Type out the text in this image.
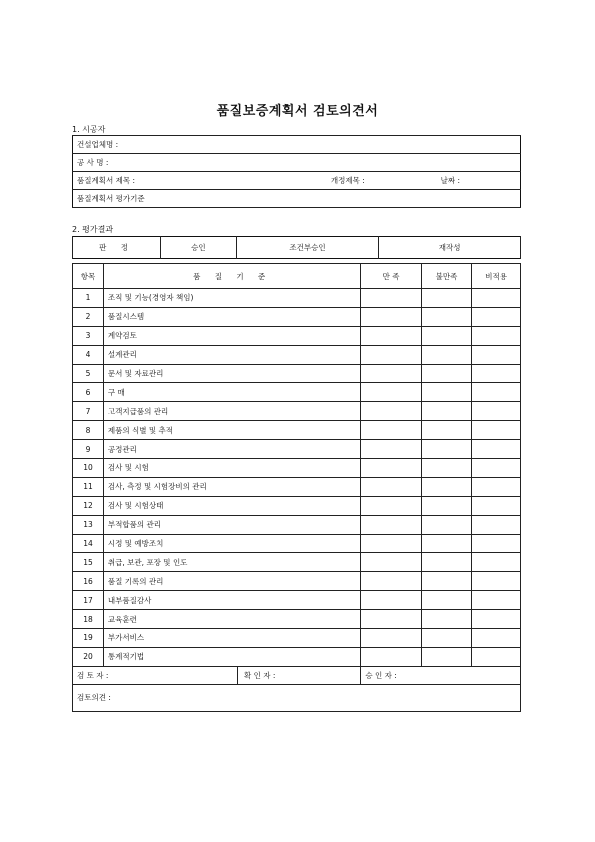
품질보증계획서 검토의견서
1. 시공자
건설업체명 :
공 사 명 :

품질계획서 제목 :	개정제목 :	날짜 :

품질계획서 평가기준
2. 평가결과
판 정	승인	조건부승인	재작성
항목	품 질 기 준	만 족	불만족	비적용
1	조직 및 기능(경영자 책임)			
2	품질시스템			
3	계약검토			
4	설계관리			
5	문서 및 자료관리			
6	구 매			
7	고객지급품의 관리			
8	제품의 식별 및 추적			
9	공정관리			
10	검사 및 시험			
11	검사, 측정 및 시험장비의 관리			
12	검사 및 시험상태			
13	부적합품의 관리			
14	시정 및 예방조치			
15	취급, 보관, 포장 및 인도			
16	품질 기록의 관리			
17	내부품질감사			
18	교육훈련			
19	부가서비스			
20	통계적기법			

검 토 자 : 확 인 자 :		승 인 자 :		
검토의견 :				
